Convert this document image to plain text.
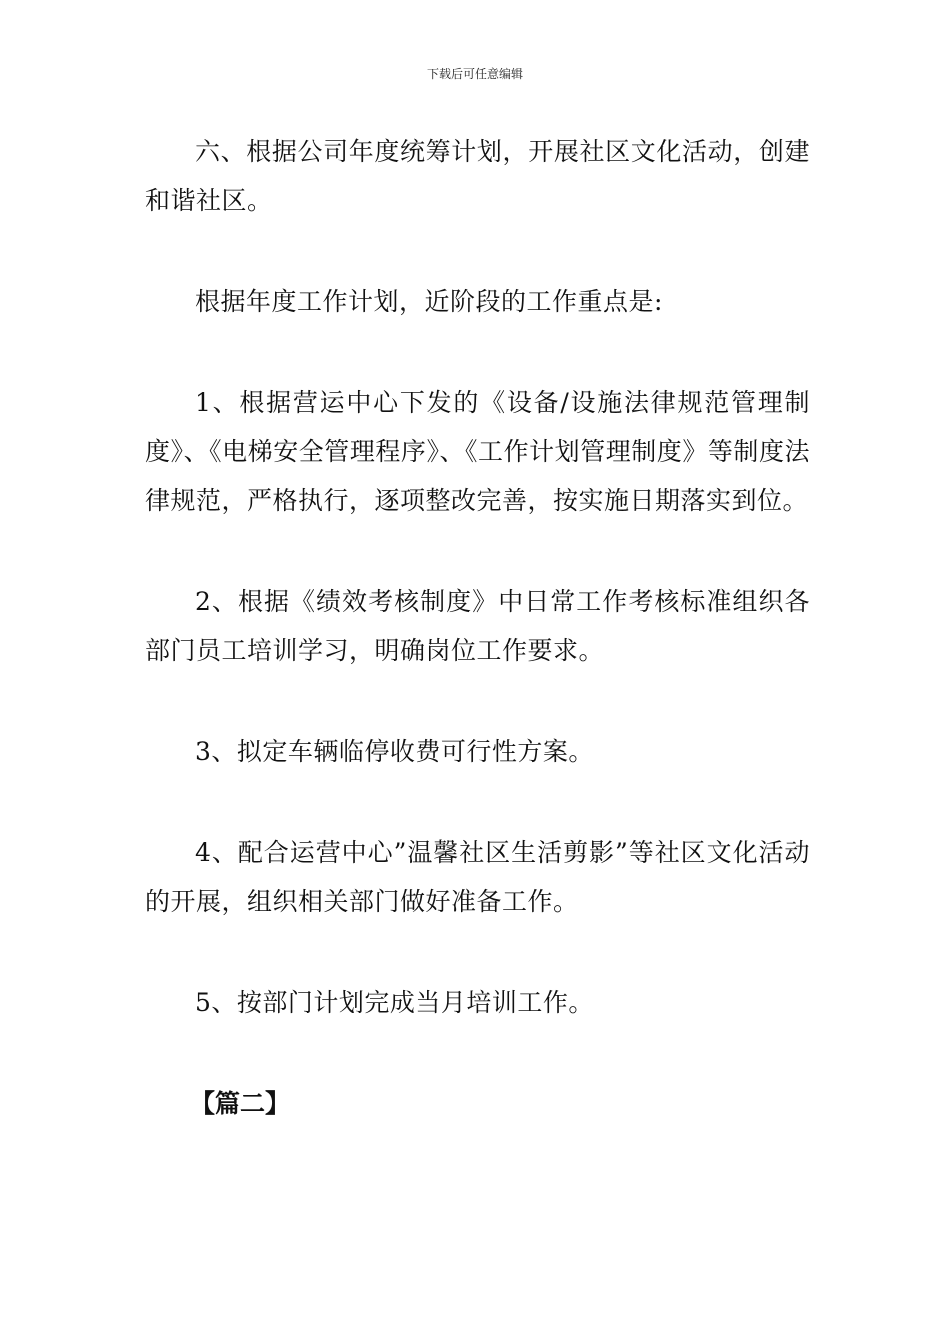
下载后可任意编辑

六、根据公司年度统筹计划，开展社区文化活动，创建和谐社区。

根据年度工作计划，近阶段的工作重点是:

1、根据营运中心下发的《设备/设施法律规范管理制度》、《电梯安全管理程序》、《工作计划管理制度》等制度法律规范，严格执行，逐项整改完善，按实施日期落实到位。

2、根据《绩效考核制度》中日常工作考核标准组织各部门员工培训学习，明确岗位工作要求。

3、拟定车辆临停收费可行性方案。

4、配合运营中心”温馨社区生活剪影”等社区文化活动的开展，组织相关部门做好准备工作。

5、按部门计划完成当月培训工作。

【篇二】
